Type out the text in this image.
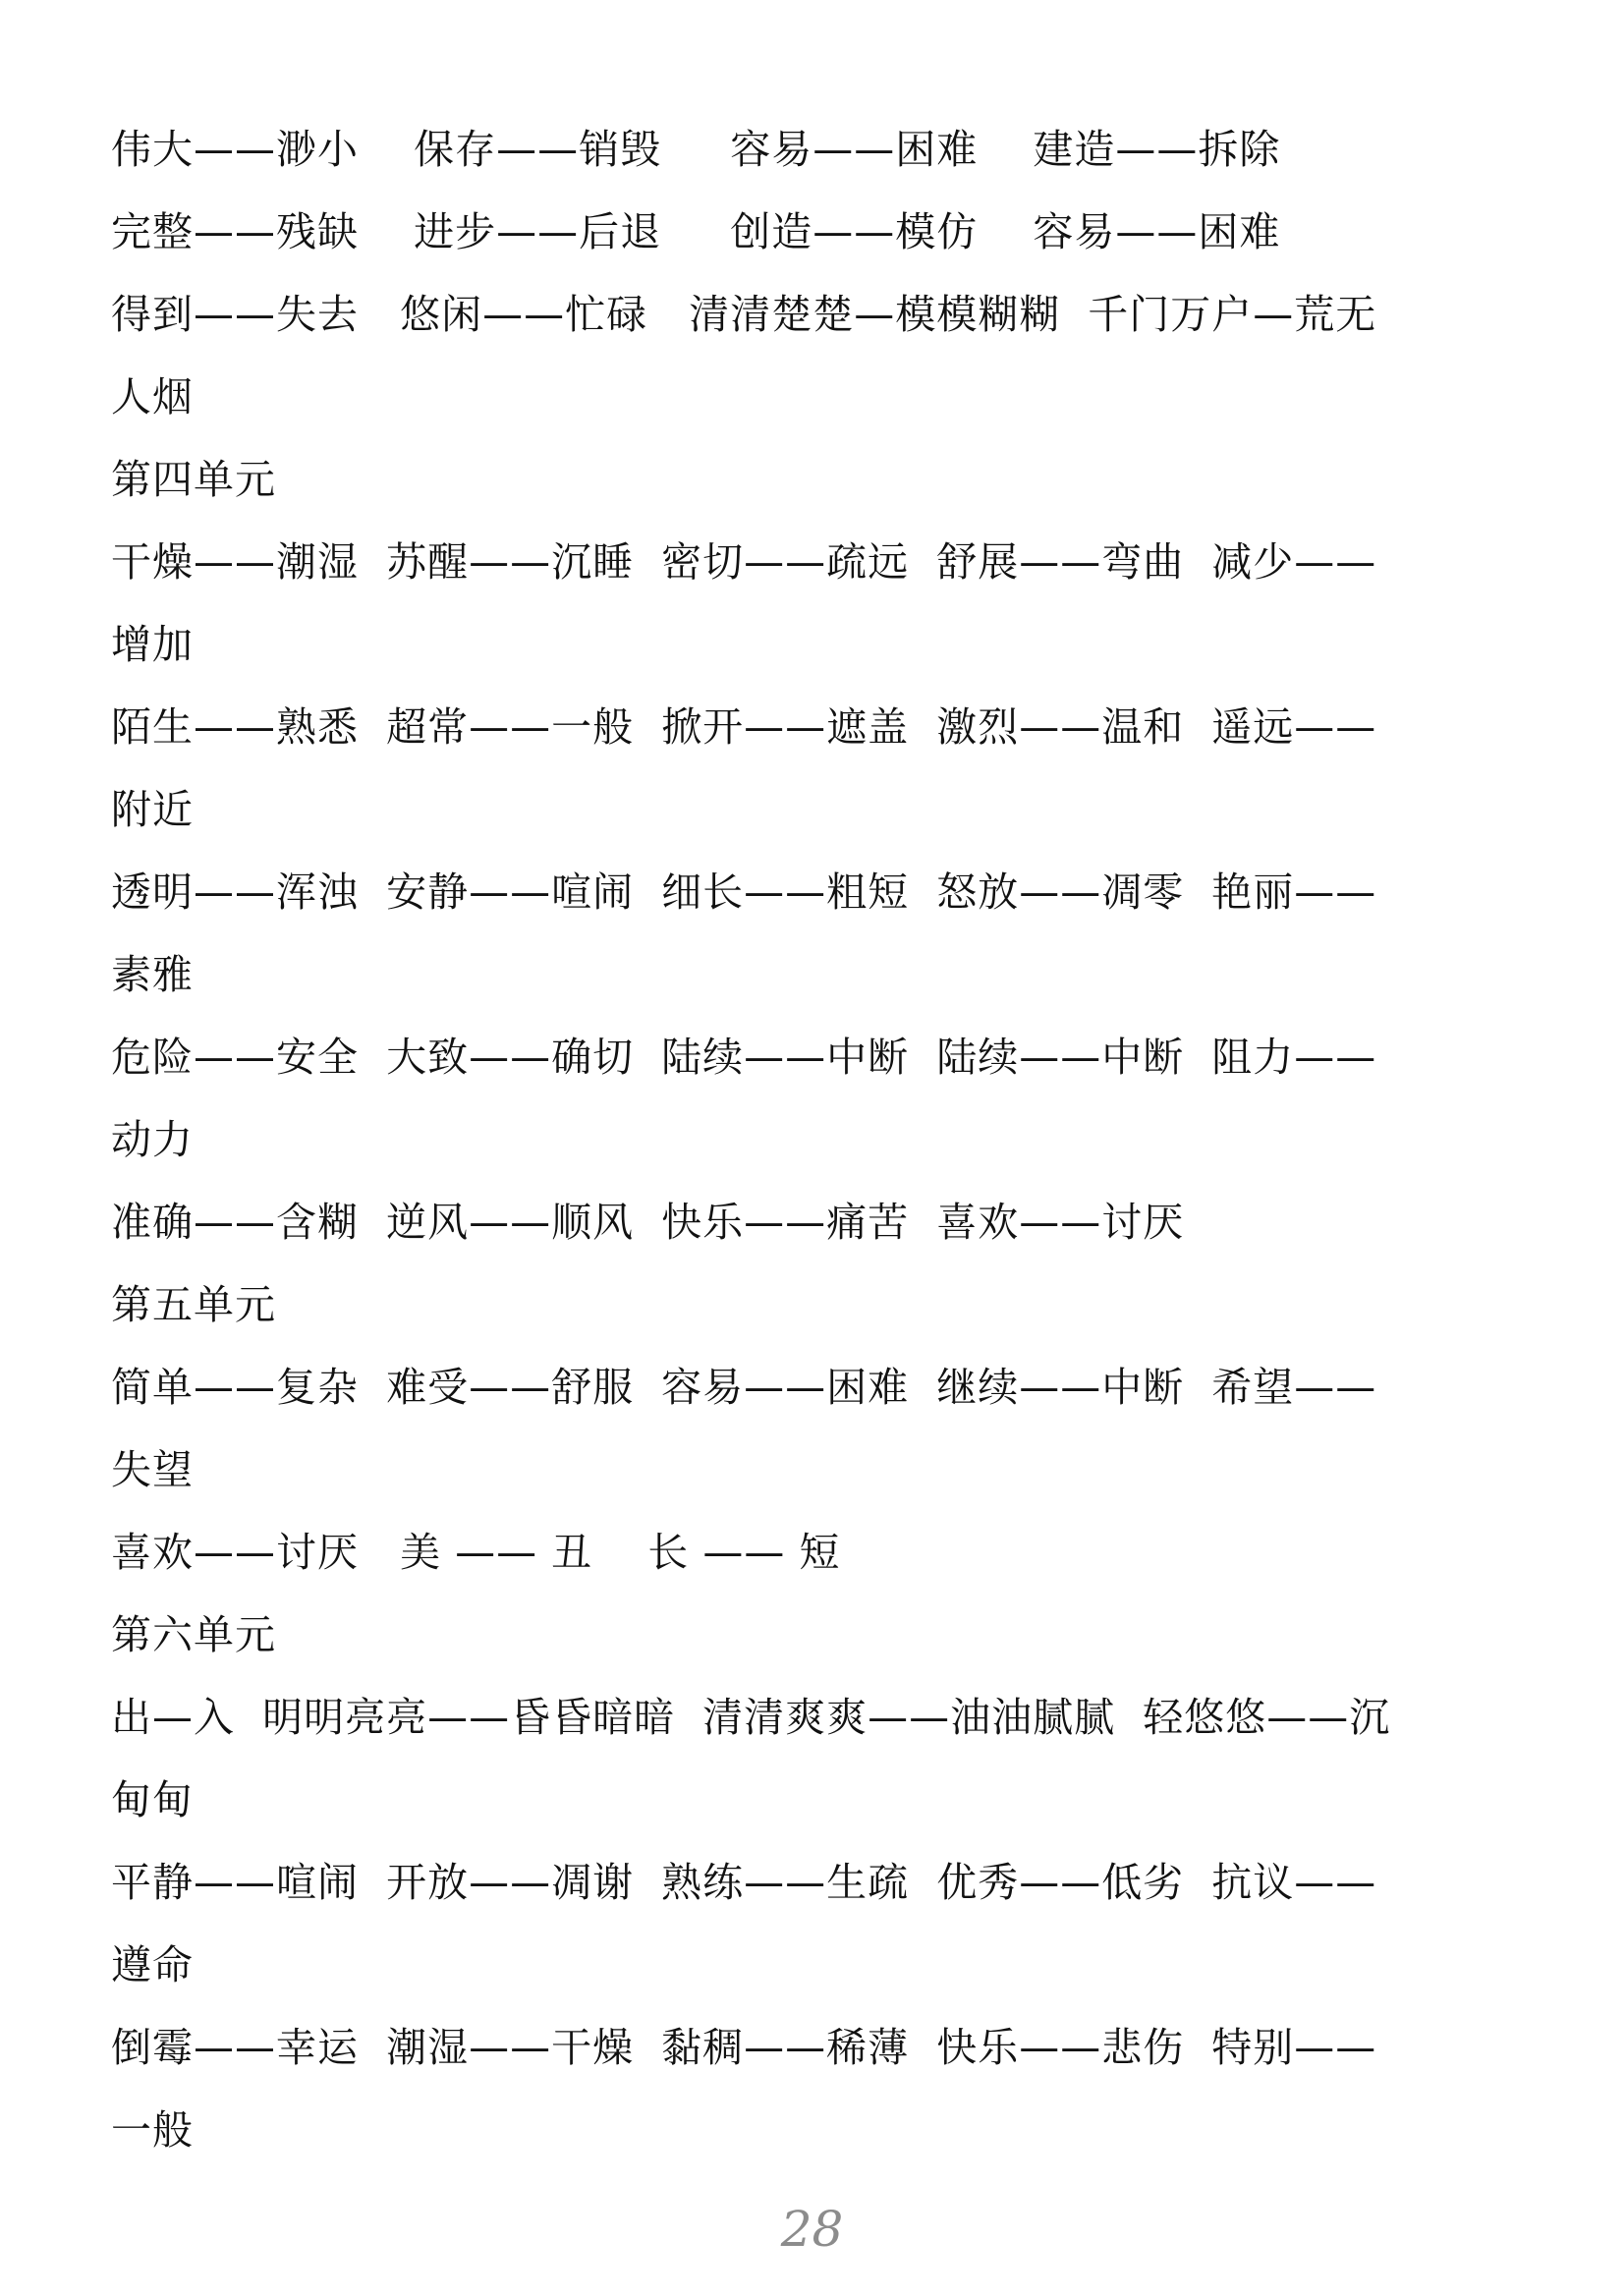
伟大——渺小    保存——销毁     容易——困难    建造——拆除
完整——残缺    进步——后退     创造——模仿    容易——困难
得到——失去   悠闲——忙碌   清清楚楚—模模糊糊  千门万户—荒无
人烟
第四单元
干燥——潮湿  苏醒——沉睡  密切——疏远  舒展——弯曲  减少——
增加
陌生——熟悉  超常——一般  掀开——遮盖  激烈——温和  遥远——
附近
透明——浑浊  安静——喧闹  细长——粗短  怒放——凋零  艳丽——
素雅
危险——安全  大致——确切  陆续——中断  陆续——中断  阻力——
动力
准确——含糊  逆风——顺风  快乐——痛苦  喜欢——讨厌
第五单元
简单——复杂  难受——舒服  容易——困难  继续——中断  希望——
失望
喜欢——讨厌   美 —— 丑    长 —— 短
第六单元
出—入  明明亮亮——昏昏暗暗  清清爽爽——油油腻腻  轻悠悠——沉
甸甸
平静——喧闹  开放——凋谢  熟练——生疏  优秀——低劣  抗议——
遵命
倒霉——幸运  潮湿——干燥  黏稠——稀薄  快乐——悲伤  特别——
一般
28
